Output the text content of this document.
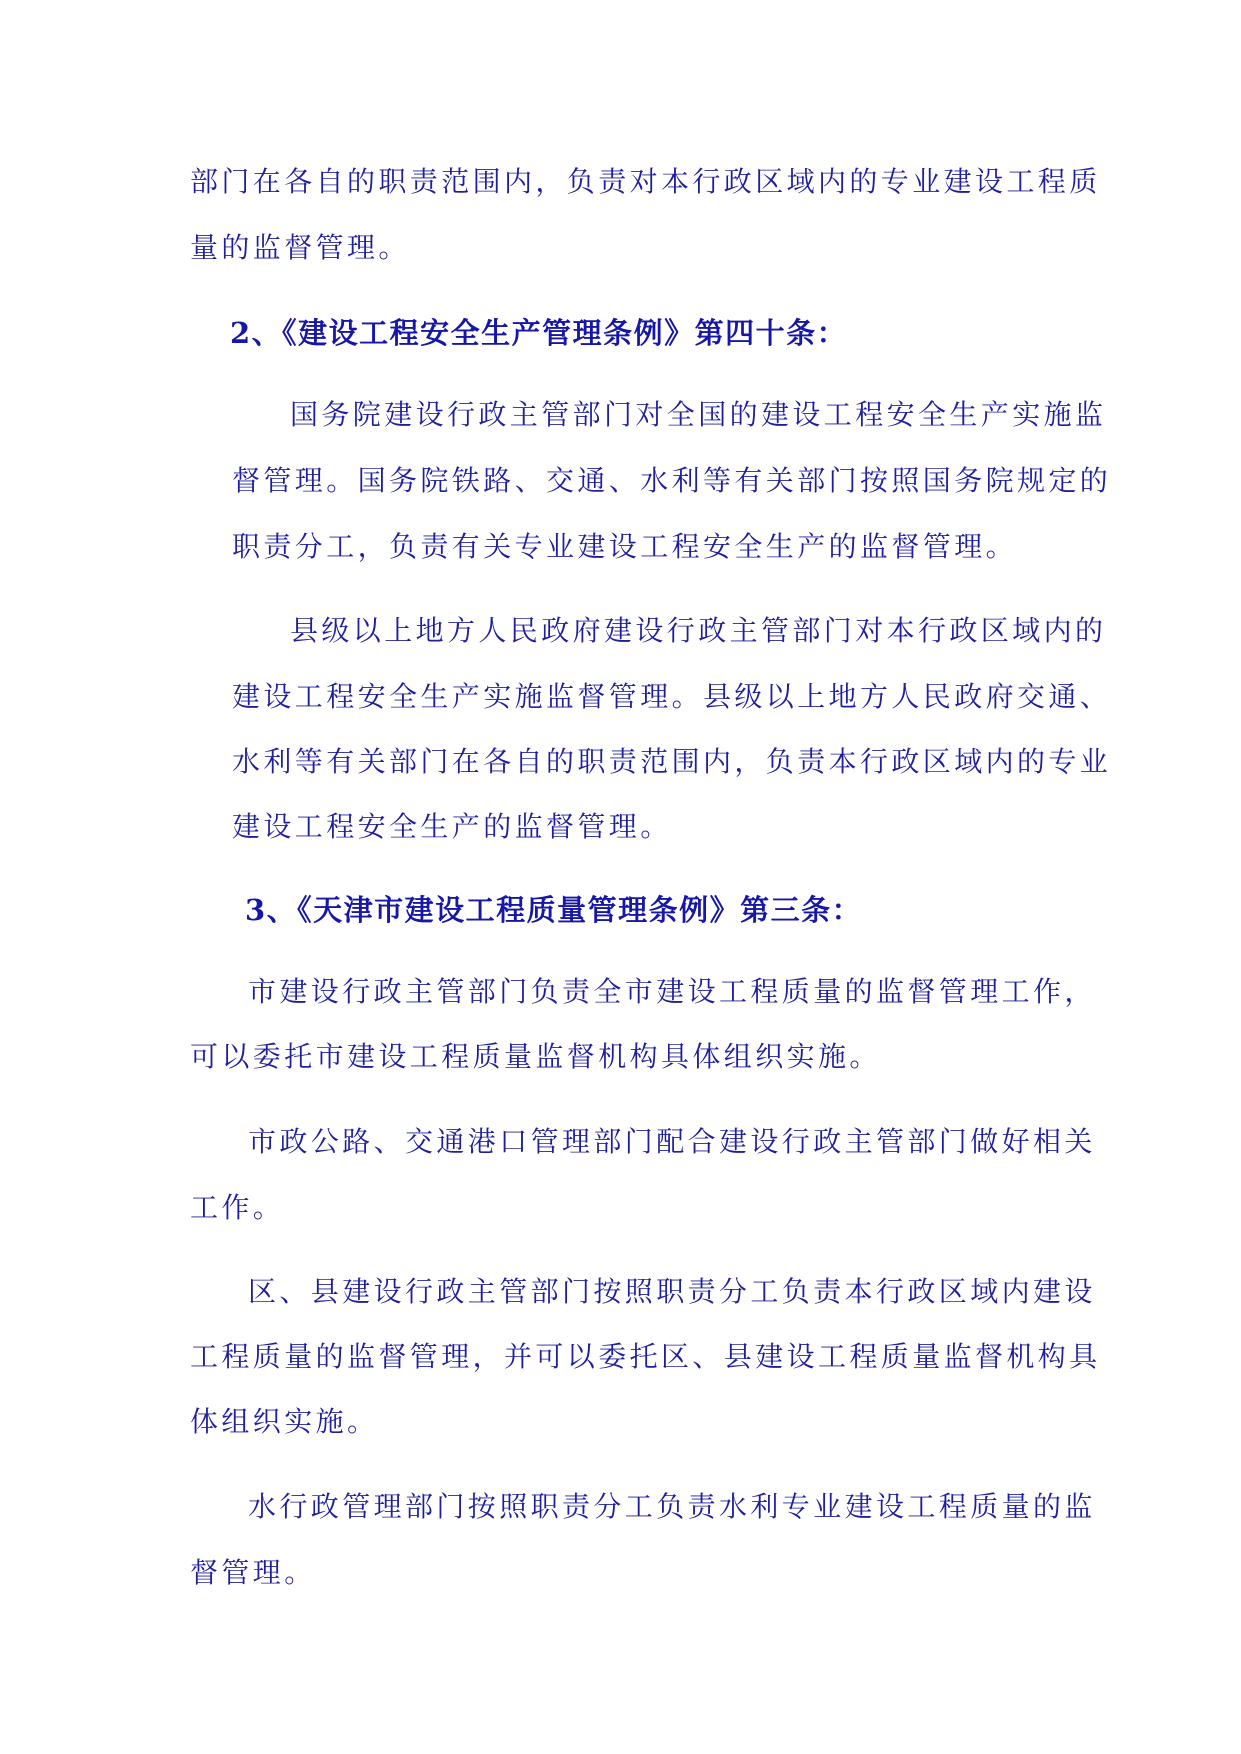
部门在各自的职责范围内，负责对本行政区域内的专业建设工程质
量的监督管理。
2、《建设工程安全生产管理条例》第四十条：
国务院建设行政主管部门对全国的建设工程安全生产实施监
督管理。国务院铁路、交通、水利等有关部门按照国务院规定的
职责分工，负责有关专业建设工程安全生产的监督管理。
县级以上地方人民政府建设行政主管部门对本行政区域内的
建设工程安全生产实施监督管理。县级以上地方人民政府交通、
水利等有关部门在各自的职责范围内，负责本行政区域内的专业
建设工程安全生产的监督管理。
3、《天津市建设工程质量管理条例》第三条：
市建设行政主管部门负责全市建设工程质量的监督管理工作，
可以委托市建设工程质量监督机构具体组织实施。
市政公路、交通港口管理部门配合建设行政主管部门做好相关
工作。
区、县建设行政主管部门按照职责分工负责本行政区域内建设
工程质量的监督管理，并可以委托区、县建设工程质量监督机构具
体组织实施。
水行政管理部门按照职责分工负责水利专业建设工程质量的监
督管理。
